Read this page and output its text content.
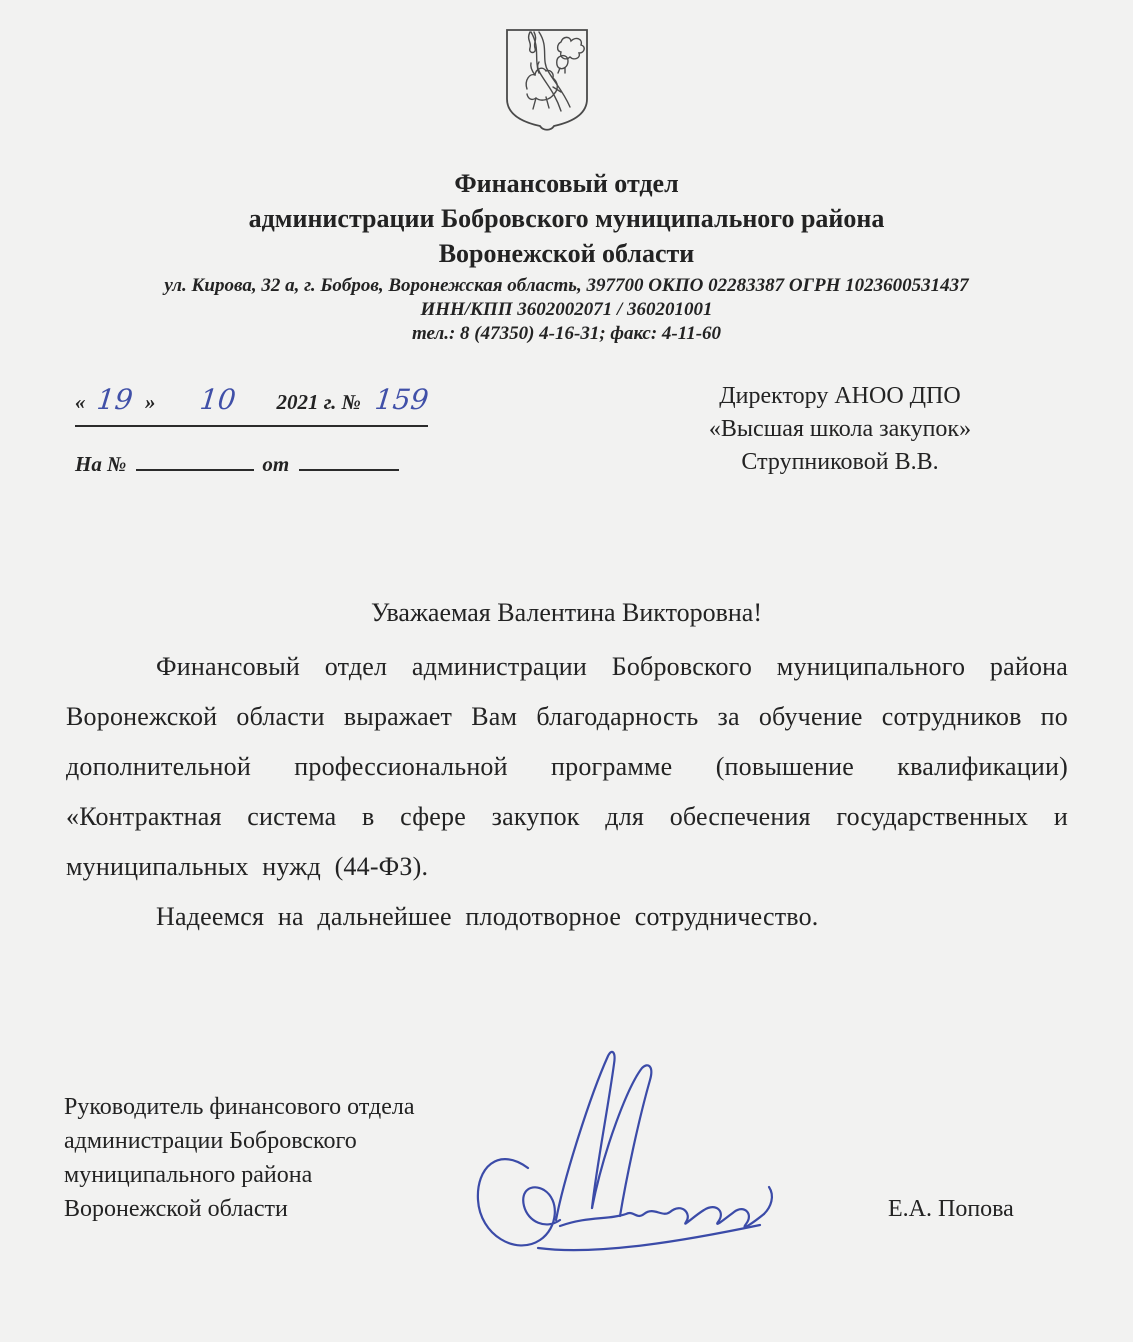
Финансовый отдел
администрации Бобровского муниципального района
Воронежской области
ул. Кирова, 32 а, г. Бобров, Воронежская область, 397700 ОКПО 02283387 ОГРН 1023600531437
ИНН/КПП 3602002071 / 360201001
тел.: 8 (47350) 4-16-31; факс: 4-11-60
« 19 » 10 2021 г. № 159
На №	от
Директору АНОО ДПО
«Высшая школа закупок»
Струпниковой В.В.
Уважаемая Валентина Викторовна!

Финансовый отдел администрации Бобровского муниципального района Воронежской области выражает Вам благодарность за обучение сотрудников по дополнительной профессиональной программе (повышение квалификации) «Контрактная система в сфере закупок для обеспечения государственных и муниципальных нужд (44-ФЗ).

Надеемся на дальнейшее плодотворное сотрудничество.

Руководитель финансового отдела
администрации Бобровского
муниципального района
Воронежской области	Е.А. Попова
